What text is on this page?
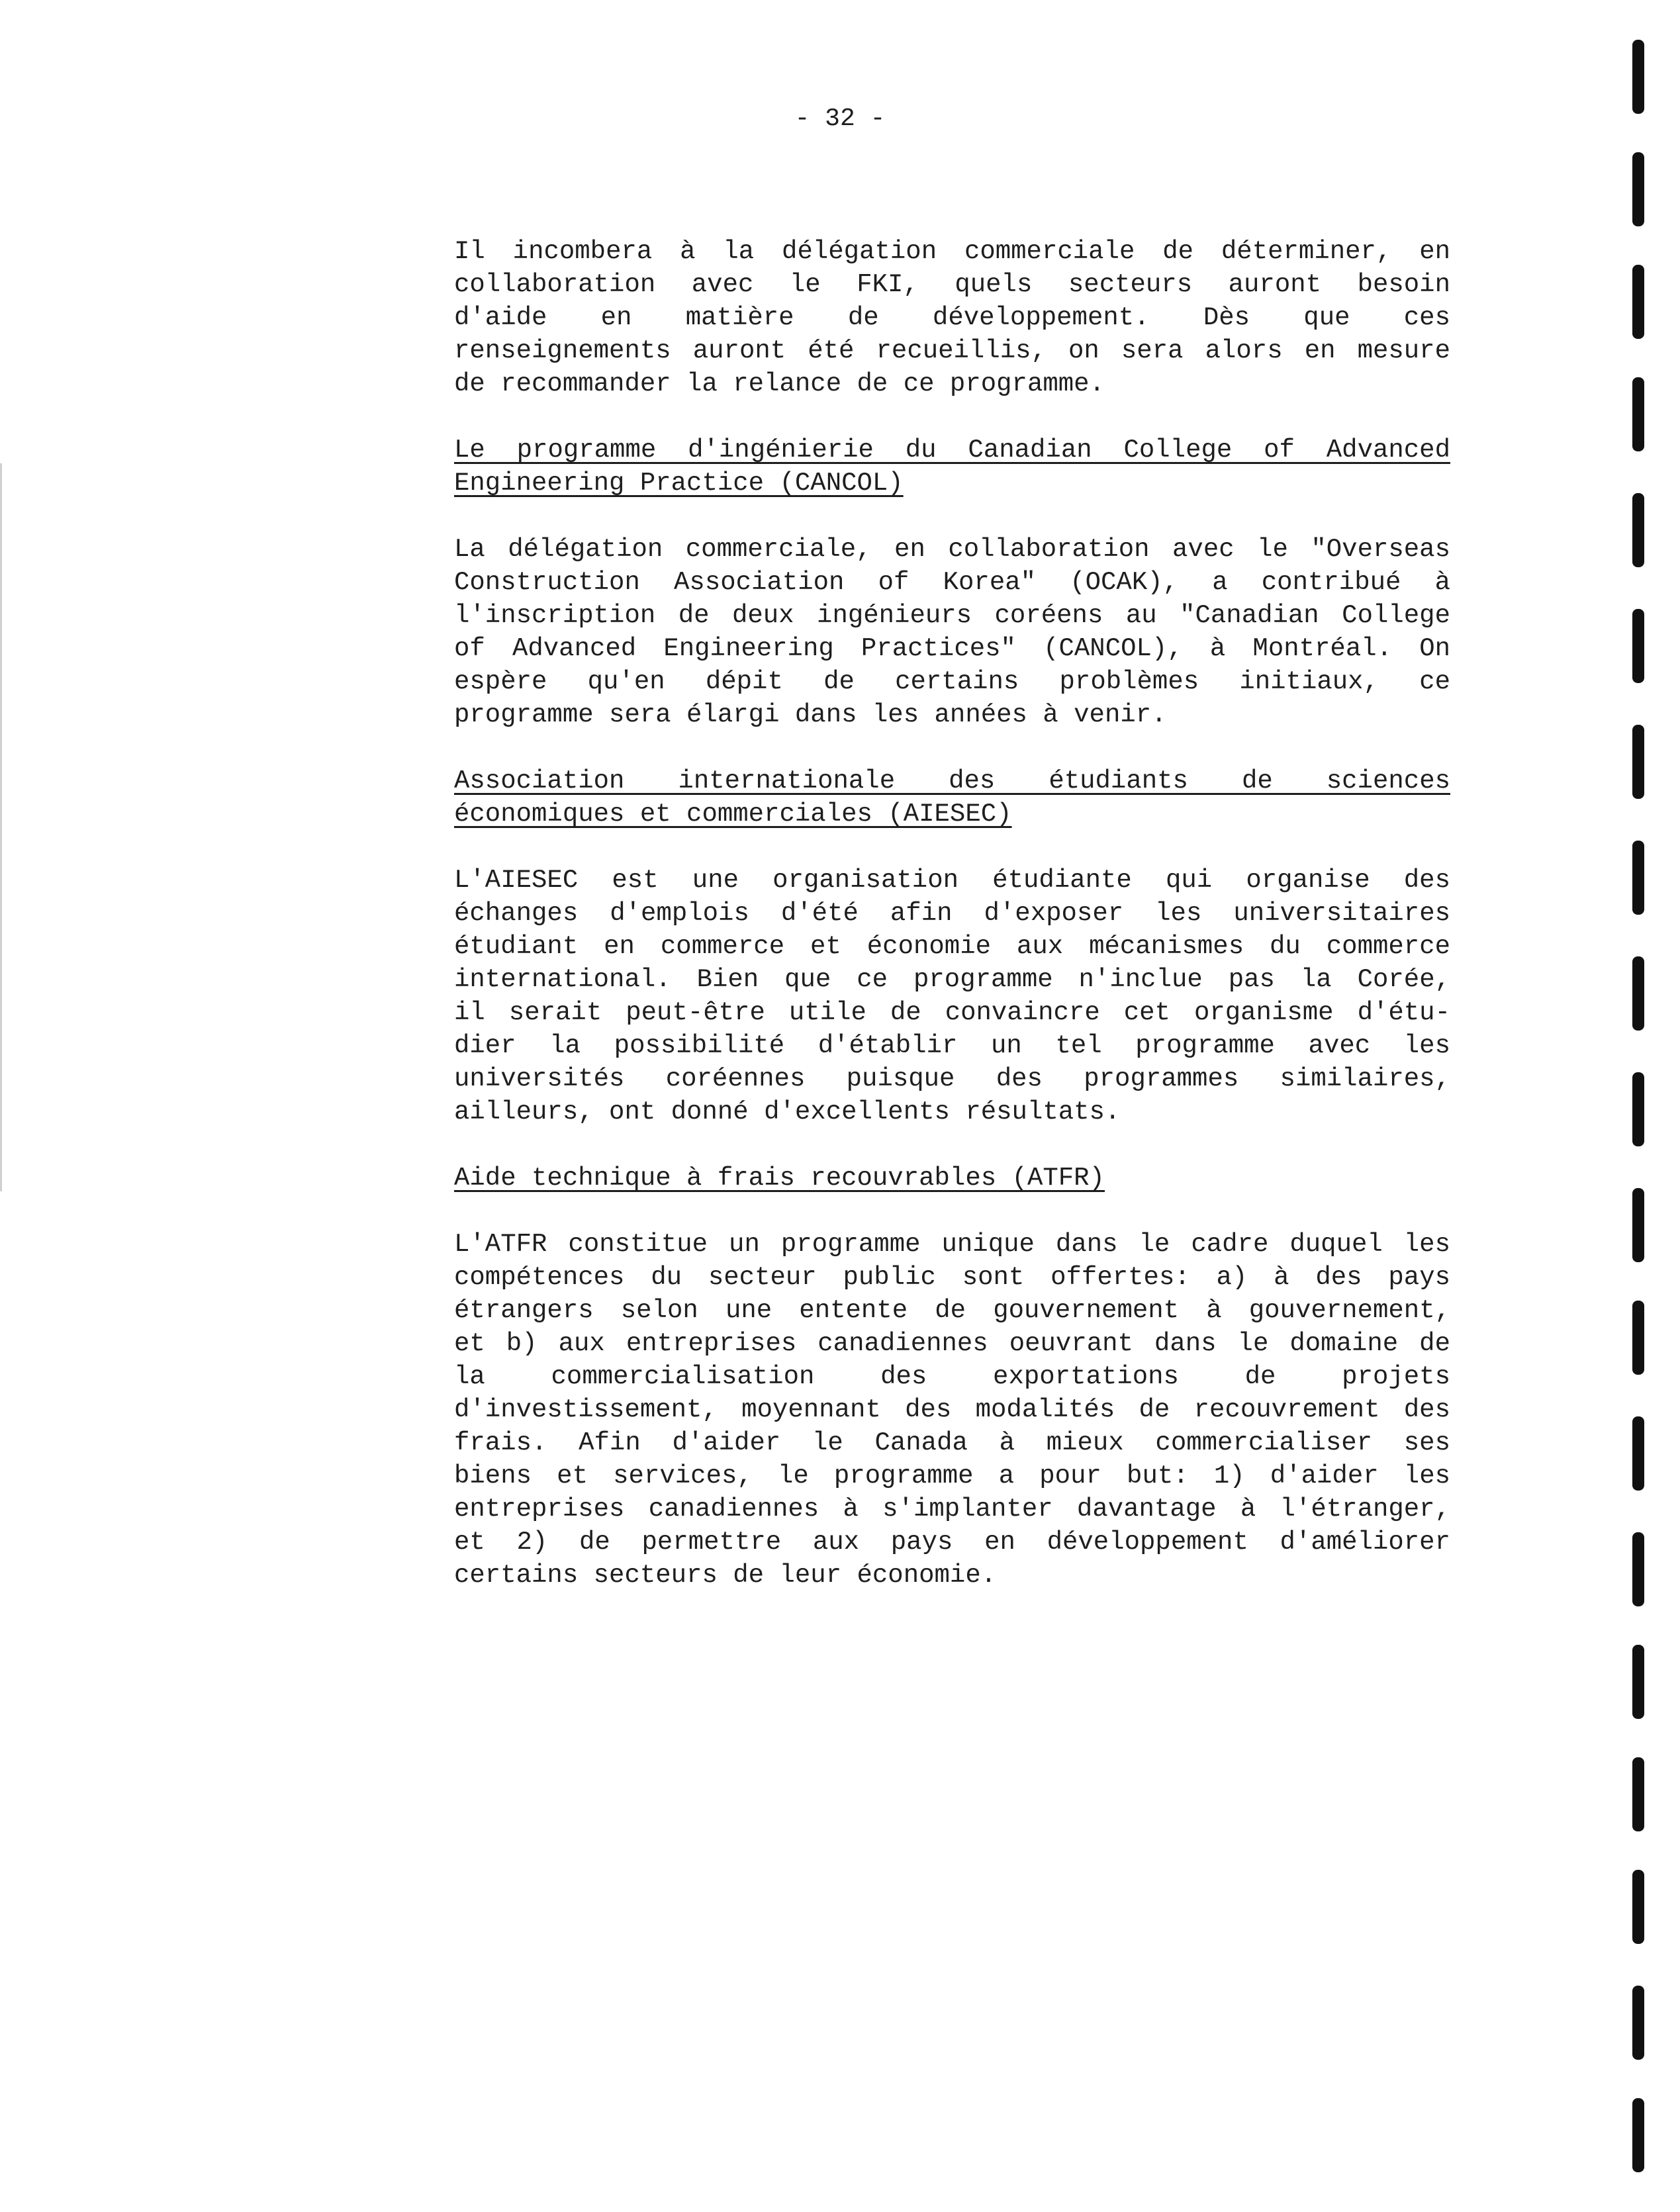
- 32 -
Il incombera à la délégation commerciale de déterminer, en
collaboration avec le FKI, quels secteurs auront besoin
d'aide en matière de développement. Dès que ces
renseignements auront été recueillis, on sera alors en mesure
de recommander la relance de ce programme.
Le programme d'ingénierie du Canadian College of Advanced
Engineering Practice (CANCOL)
La délégation commerciale, en collaboration avec le "Overseas
Construction Association of Korea" (OCAK), a contribué à
l'inscription de deux ingénieurs coréens au "Canadian College
of Advanced Engineering Practices" (CANCOL), à Montréal. On
espère qu'en dépit de certains problèmes initiaux, ce
programme sera élargi dans les années à venir.
Association internationale des étudiants de sciences
économiques et commerciales (AIESEC)
L'AIESEC est une organisation étudiante qui organise des
échanges d'emplois d'été afin d'exposer les universitaires
étudiant en commerce et économie aux mécanismes du commerce
international. Bien que ce programme n'inclue pas la Corée,
il serait peut-être utile de convaincre cet organisme d'étu-
dier la possibilité d'établir un tel programme avec les
universités coréennes puisque des programmes similaires,
ailleurs, ont donné d'excellents résultats.
Aide technique à frais recouvrables (ATFR)
L'ATFR constitue un programme unique dans le cadre duquel les
compétences du secteur public sont offertes: a) à des pays
étrangers selon une entente de gouvernement à gouvernement,
et b) aux entreprises canadiennes oeuvrant dans le domaine de
la commercialisation des exportations de projets
d'investissement, moyennant des modalités de recouvrement des
frais. Afin d'aider le Canada à mieux commercialiser ses
biens et services, le programme a pour but: 1) d'aider les
entreprises canadiennes à s'implanter davantage à l'étranger,
et 2) de permettre aux pays en développement d'améliorer
certains secteurs de leur économie.
